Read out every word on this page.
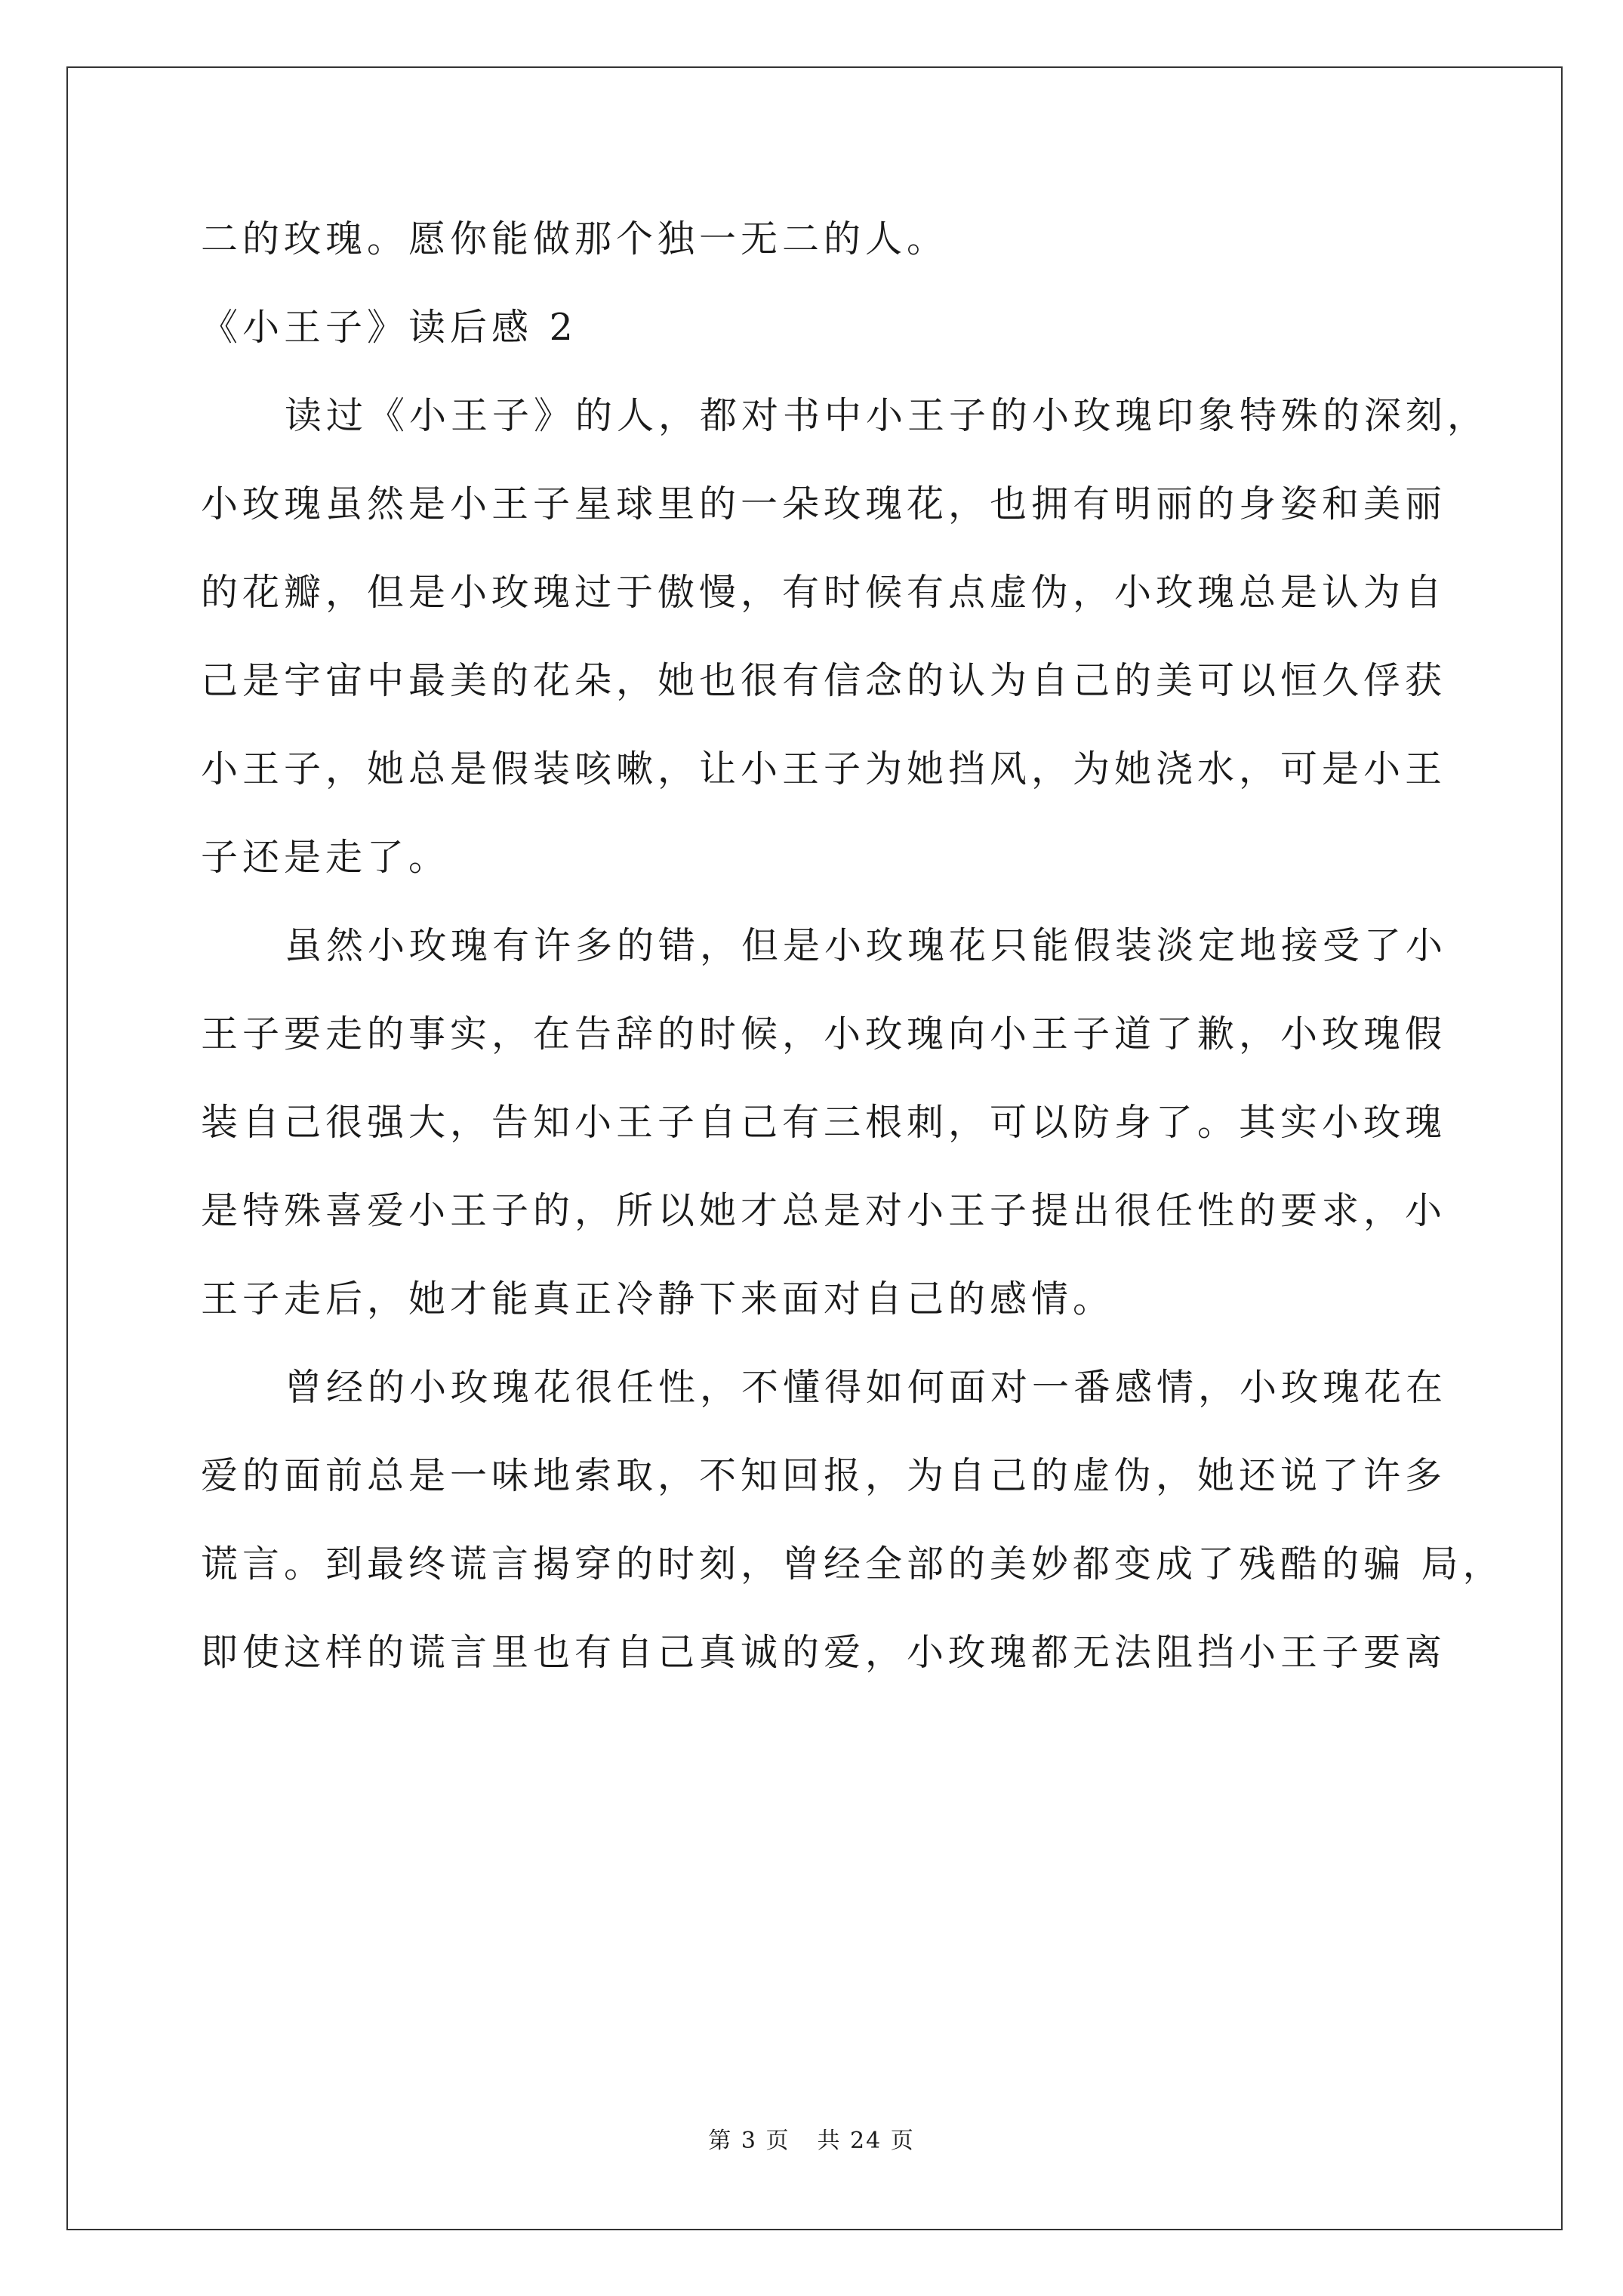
二的玫瑰。愿你能做那个独一无二的人。
《小王子》读后感 2
读过《小王子》的人，都对书中小王子的小玫瑰印象特殊的深刻，
小玫瑰虽然是小王子星球里的一朵玫瑰花，也拥有明丽的身姿和美丽
的花瓣，但是小玫瑰过于傲慢，有时候有点虚伪，小玫瑰总是认为自
己是宇宙中最美的花朵，她也很有信念的认为自己的美可以恒久俘获
小王子，她总是假装咳嗽，让小王子为她挡风，为她浇水，可是小王
子还是走了。
虽然小玫瑰有许多的错，但是小玫瑰花只能假装淡定地接受了小
王子要走的事实，在告辞的时候，小玫瑰向小王子道了歉，小玫瑰假
装自己很强大，告知小王子自己有三根刺，可以防身了。其实小玫瑰
是特殊喜爱小王子的，所以她才总是对小王子提出很任性的要求，小
王子走后，她才能真正冷静下来面对自己的感情。
曾经的小玫瑰花很任性，不懂得如何面对一番感情，小玫瑰花在
爱的面前总是一味地索取，不知回报，为自己的虚伪，她还说了许多
谎言。到最终谎言揭穿的时刻，曾经全部的美妙都变成了残酷的骗 局，
即使这样的谎言里也有自己真诚的爱，小玫瑰都无法阻挡小王子要离
第 3 页 共 24 页
